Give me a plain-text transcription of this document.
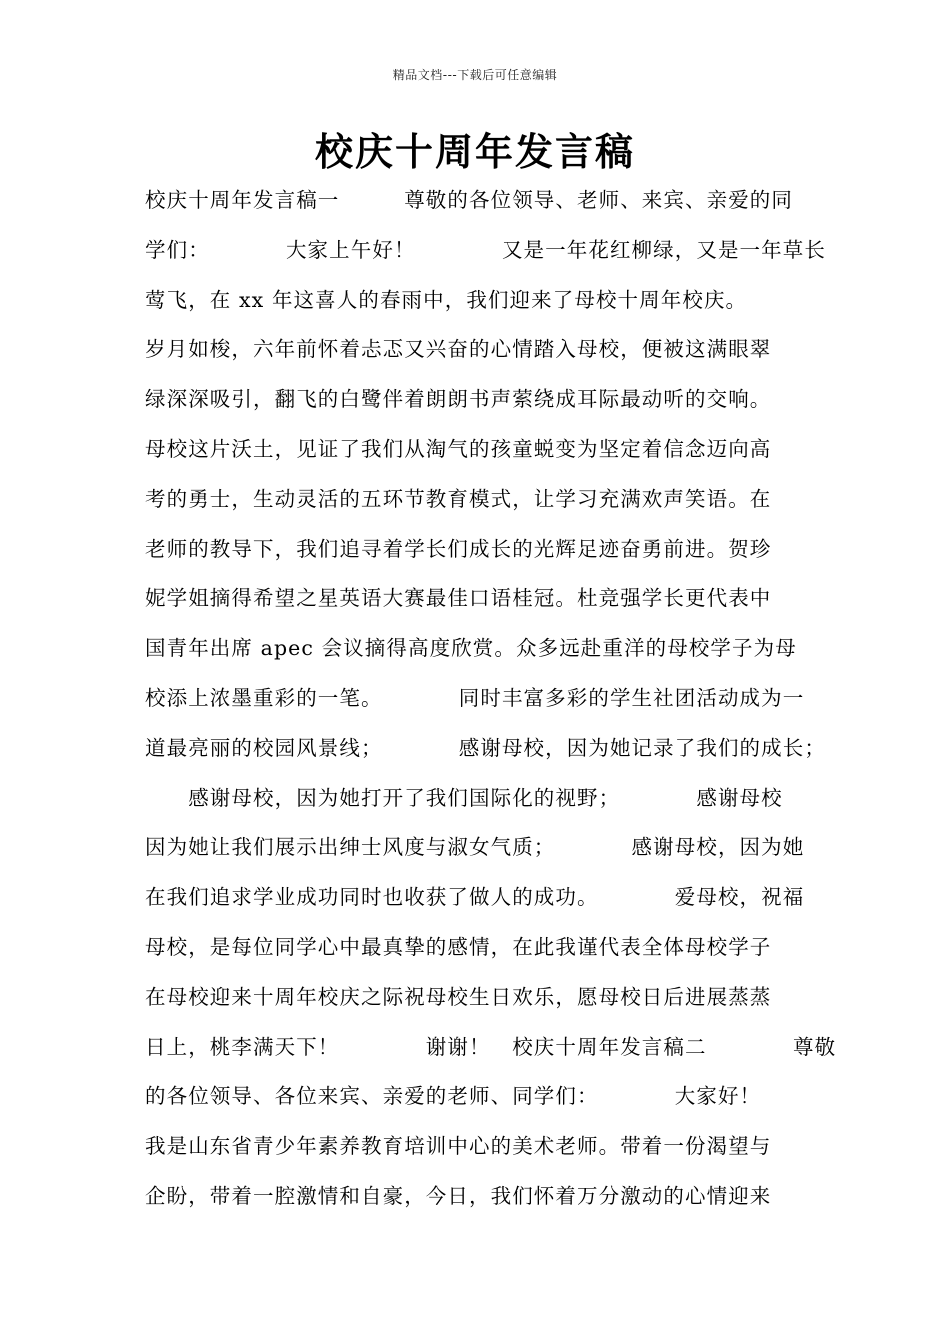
精品文档---下载后可任意编辑
校庆十周年发言稿
校庆十周年发言稿一　　　尊敬的各位领导、老师、来宾、亲爱的同
学们：　　　　大家上午好！　　　　又是一年花红柳绿，又是一年草长
莺飞，在 xx 年这喜人的春雨中，我们迎来了母校十周年校庆。
岁月如梭，六年前怀着忐忑又兴奋的心情踏入母校，便被这满眼翠
绿深深吸引，翻飞的白鹭伴着朗朗书声萦绕成耳际最动听的交响。
母校这片沃土，见证了我们从淘气的孩童蜕变为坚定着信念迈向高
考的勇士，生动灵活的五环节教育模式，让学习充满欢声笑语。在
老师的教导下，我们追寻着学长们成长的光辉足迹奋勇前进。贺珍
妮学姐摘得希望之星英语大赛最佳口语桂冠。杜竞强学长更代表中
国青年出席 apec 会议摘得高度欣赏。众多远赴重洋的母校学子为母
校添上浓墨重彩的一笔。　　　　同时丰富多彩的学生社团活动成为一
道最亮丽的校园风景线；　　　　感谢母校，因为她记录了我们的成长；
　　感谢母校，因为她打开了我们国际化的视野；　　　　感谢母校
因为她让我们展示出绅士风度与淑女气质；　　　　感谢母校，因为她
在我们追求学业成功同时也收获了做人的成功。　　　　爱母校，祝福
母校，是每位同学心中最真挚的感情，在此我谨代表全体母校学子
在母校迎来十周年校庆之际祝母校生日欢乐，愿母校日后进展蒸蒸
日上，桃李满天下！　　　　谢谢！　校庆十周年发言稿二　　　　尊敬
的各位领导、各位来宾、亲爱的老师、同学们：　　　　大家好！
我是山东省青少年素养教育培训中心的美术老师。带着一份渴望与
企盼，带着一腔激情和自豪，今日，我们怀着万分激动的心情迎来
